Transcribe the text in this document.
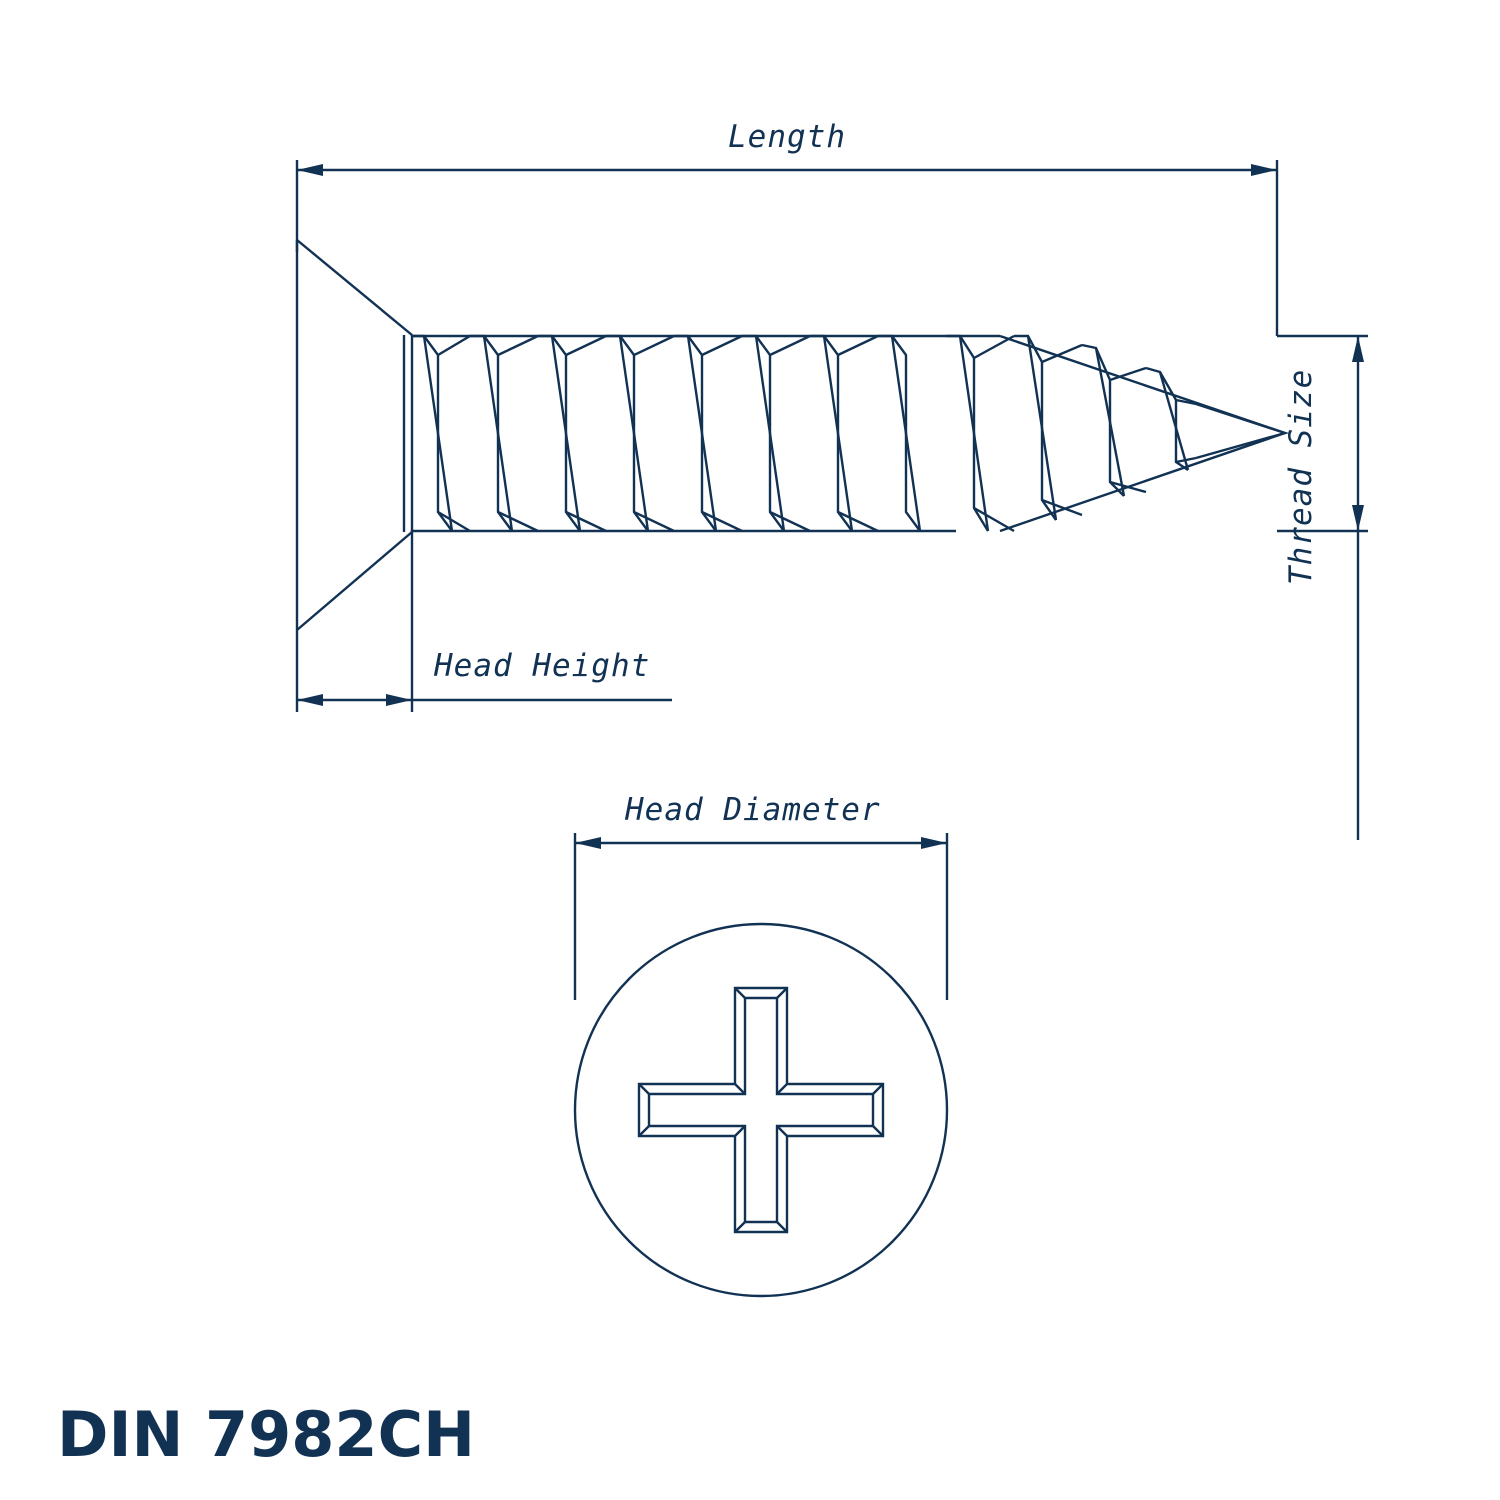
Length
Head Height
Thread Size
Head Diameter
DIN 7982CH
